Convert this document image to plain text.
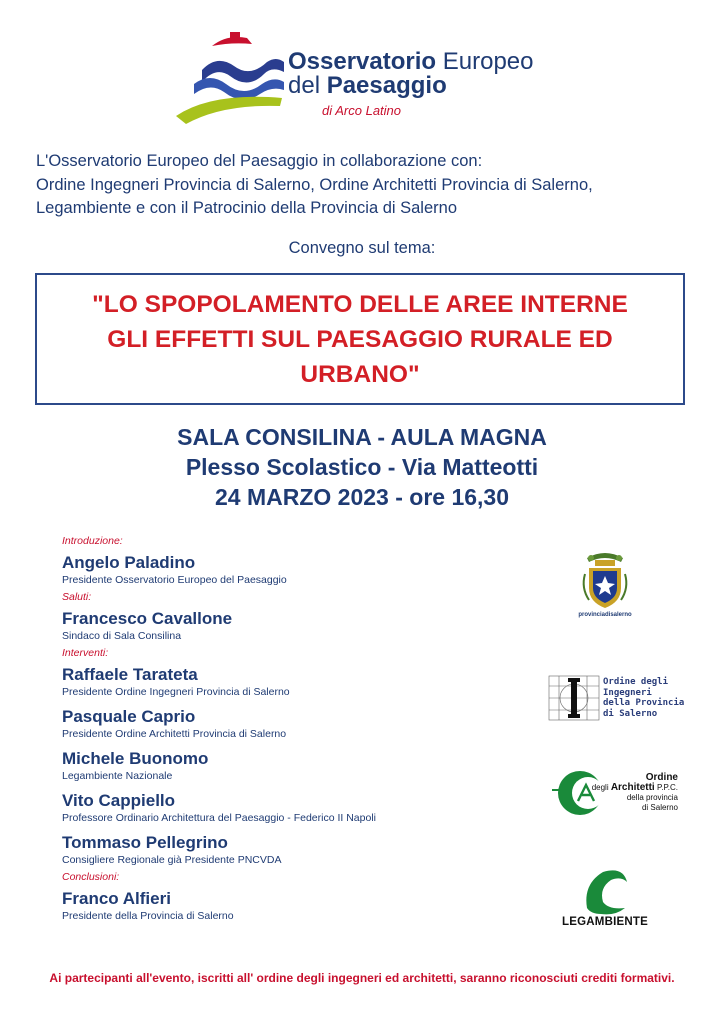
Osservatorio Europeo
del Paesaggio
di Arco Latino
L'Osservatorio Europeo del Paesaggio in collaborazione con:
Ordine Ingegneri Provincia di Salerno, Ordine Architetti Provincia di Salerno,
Legambiente e con il Patrocinio della Provincia di Salerno
Convegno sul tema:
"LO SPOPOLAMENTO DELLE AREE INTERNE
GLI EFFETTI SUL PAESAGGIO RURALE ED
URBANO"
SALA CONSILINA - AULA MAGNA
Plesso Scolastico - Via Matteotti
24 MARZO 2023 - ore 16,30
Introduzione:
Angelo Paladino
Presidente Osservatorio Europeo del Paesaggio
Saluti:
Francesco Cavallone
Sindaco di Sala Consilina
Interventi:
Raffaele Tarateta
Presidente Ordine Ingegneri Provincia di Salerno
Pasquale Caprio
Presidente Ordine Architetti Provincia di Salerno
Michele Buonomo
Legambiente Nazionale
Vito Cappiello
Professore Ordinario Architettura del Paesaggio - Federico II Napoli
Tommaso Pellegrino
Consigliere Regionale già Presidente PNCVDA
Conclusioni:
Franco Alfieri
Presidente della Provincia di Salerno
provinciadisalerno
Ordine degli
Ingegneri
della Provincia
di Salerno
Ordine
degli Architetti P.P.C.
della provincia
di Salerno
LEGAMBIENTE
Ai partecipanti all'evento, iscritti all' ordine degli ingegneri ed architetti, saranno riconosciuti crediti formativi.
